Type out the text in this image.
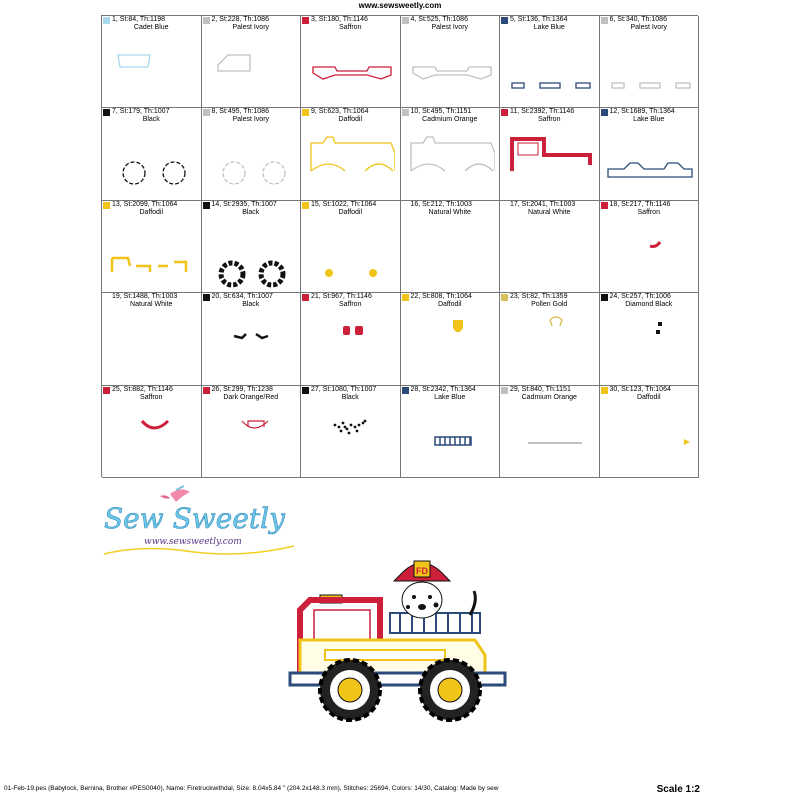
www.sewsweetly.com
1, St:84, Th:1198
Cadet Blue
2, St:228, Th:1086
Palest Ivory
3, St:180, Th:1146
Saffron
4, St:525, Th:1086
Palest Ivory
5, St:136, Th:1364
Lake Blue
6, St:340, Th:1086
Palest Ivory
7, St:179, Th:1007
Black
8, St:495, Th:1086
Palest Ivory
9, St:623, Th:1064
Daffodil
10, St:495, Th:1151
Cadmium Orange
11, St:2392, Th:1146
Saffron
12, St:1689, Th:1364
Lake Blue
13, St:2099, Th:1064
Daffodil
14, St:2935, Th:1007
Black
15, St:1022, Th:1064
Daffodil
16, St:212, Th:1003
Natural White
17, St:2041, Th:1003
Natural White
18, St:217, Th:1146
Saffron
19, St:1488, Th:1003
Natural White
20, St:634, Th:1007
Black
21, St:967, Th:1146
Saffron
22, St:808, Th:1064
Daffodil
23, St:82, Th:1359
Pollen Gold
24, St:257, Th:1006
Diamond Black
25, St:882, Th:1146
Saffron
26, St:299, Th:1238
Dark Orange/Red
27, St:1080, Th:1007
Black
28, St:2342, Th:1364
Lake Blue
29, St:840, Th:1151
Cadmium Orange
30, St:123, Th:1064
Daffodil
Sew Sweetly
www.sewsweetly.com
FD
01-Feb-19.pes (Babylock, Bernina, Brother #PES0040), Name: Firetruckwithdal, Size: 8.04x5.84 " (204.2x148.3 mm), Stitches: 25694, Colors: 14/30, Catalog: Made by sew	Scale 1:2
